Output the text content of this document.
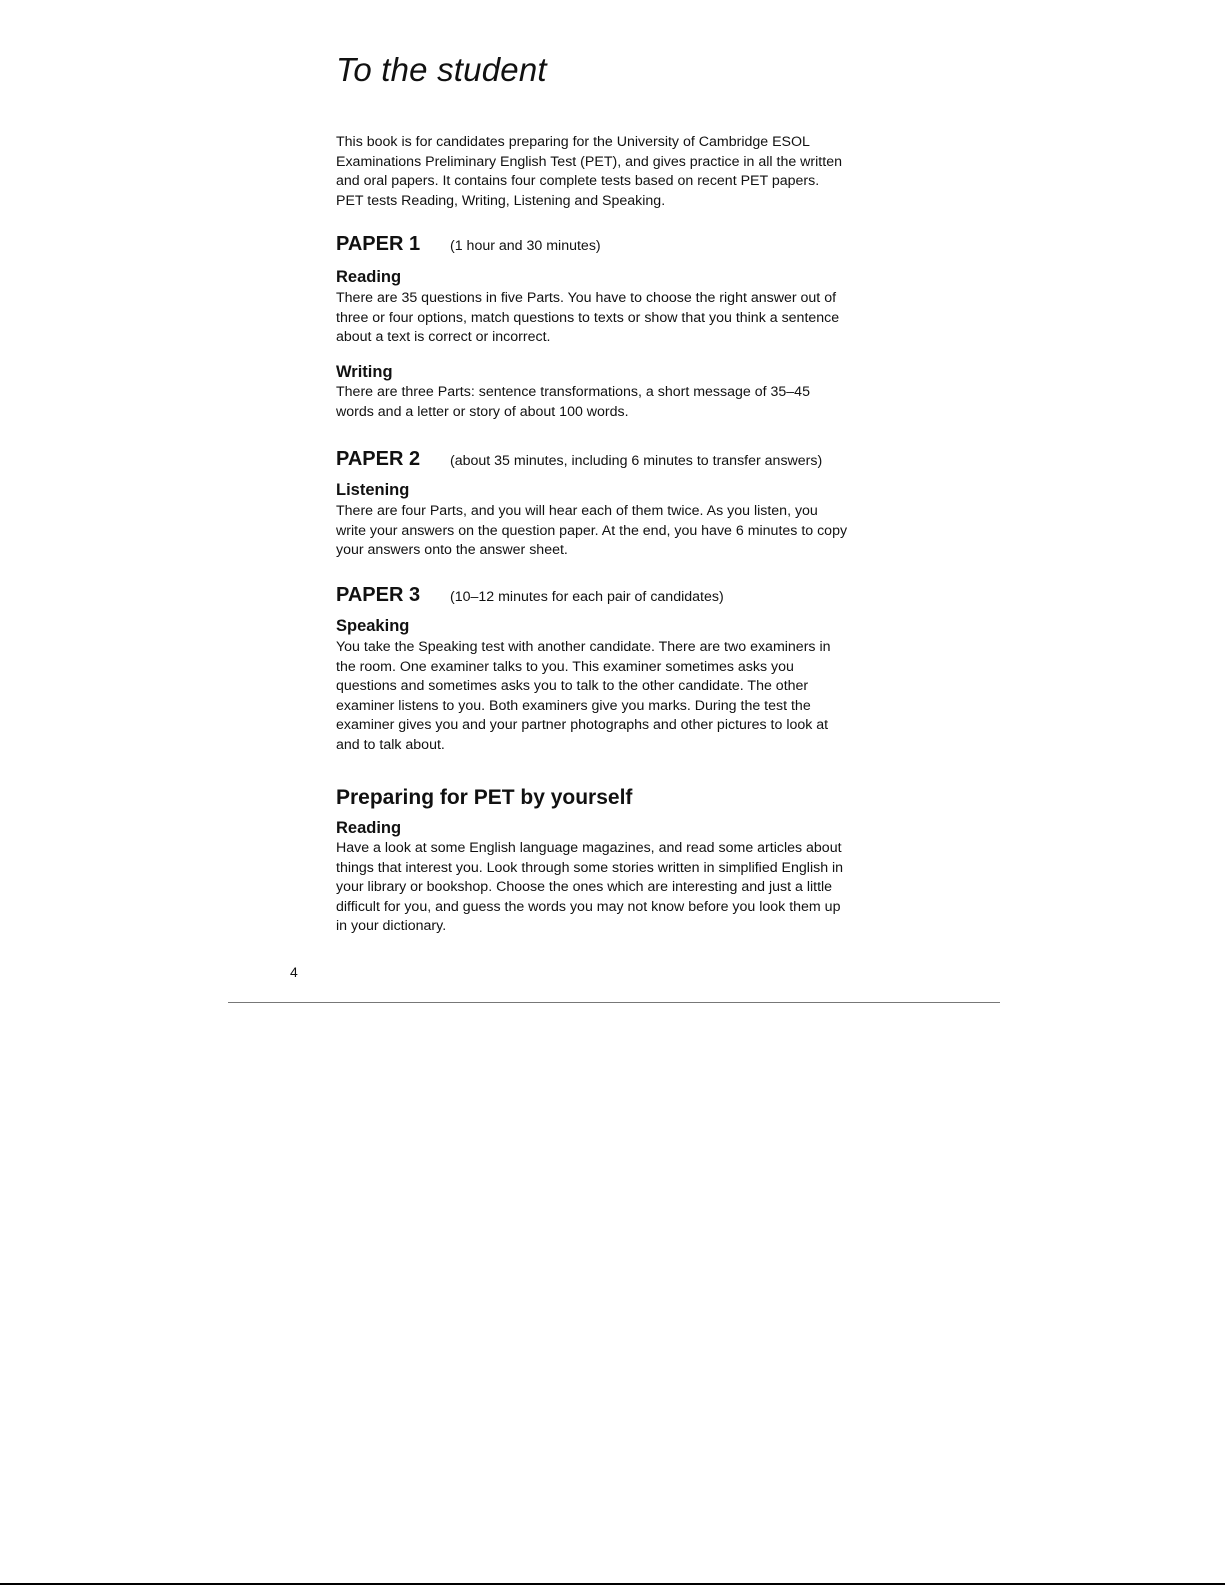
To the student

This book is for candidates preparing for the University of Cambridge ESOL
Examinations Preliminary English Test (PET), and gives practice in all the written
and oral papers. It contains four complete tests based on recent PET papers.
PET tests Reading, Writing, Listening and Speaking.

PAPER 1	(1 hour and 30 minutes)
Reading

There are 35 questions in five Parts. You have to choose the right answer out of
three or four options, match questions to texts or show that you think a sentence
about a text is correct or incorrect.

Writing

There are three Parts: sentence transformations, a short message of 35–45
words and a letter or story of about 100 words.

PAPER 2	(about 35 minutes, including 6 minutes to transfer answers)
Listening

There are four Parts, and you will hear each of them twice. As you listen, you
write your answers on the question paper. At the end, you have 6 minutes to copy
your answers onto the answer sheet.

PAPER 3	(10–12 minutes for each pair of candidates)
Speaking

You take the Speaking test with another candidate. There are two examiners in
the room. One examiner talks to you. This examiner sometimes asks you
questions and sometimes asks you to talk to the other candidate. The other
examiner listens to you. Both examiners give you marks. During the test the
examiner gives you and your partner photographs and other pictures to look at
and to talk about.

Preparing for PET by yourself
Reading

Have a look at some English language magazines, and read some articles about
things that interest you. Look through some stories written in simplified English in
your library or bookshop. Choose the ones which are interesting and just a little
difficult for you, and guess the words you may not know before you look them up
in your dictionary.

4
